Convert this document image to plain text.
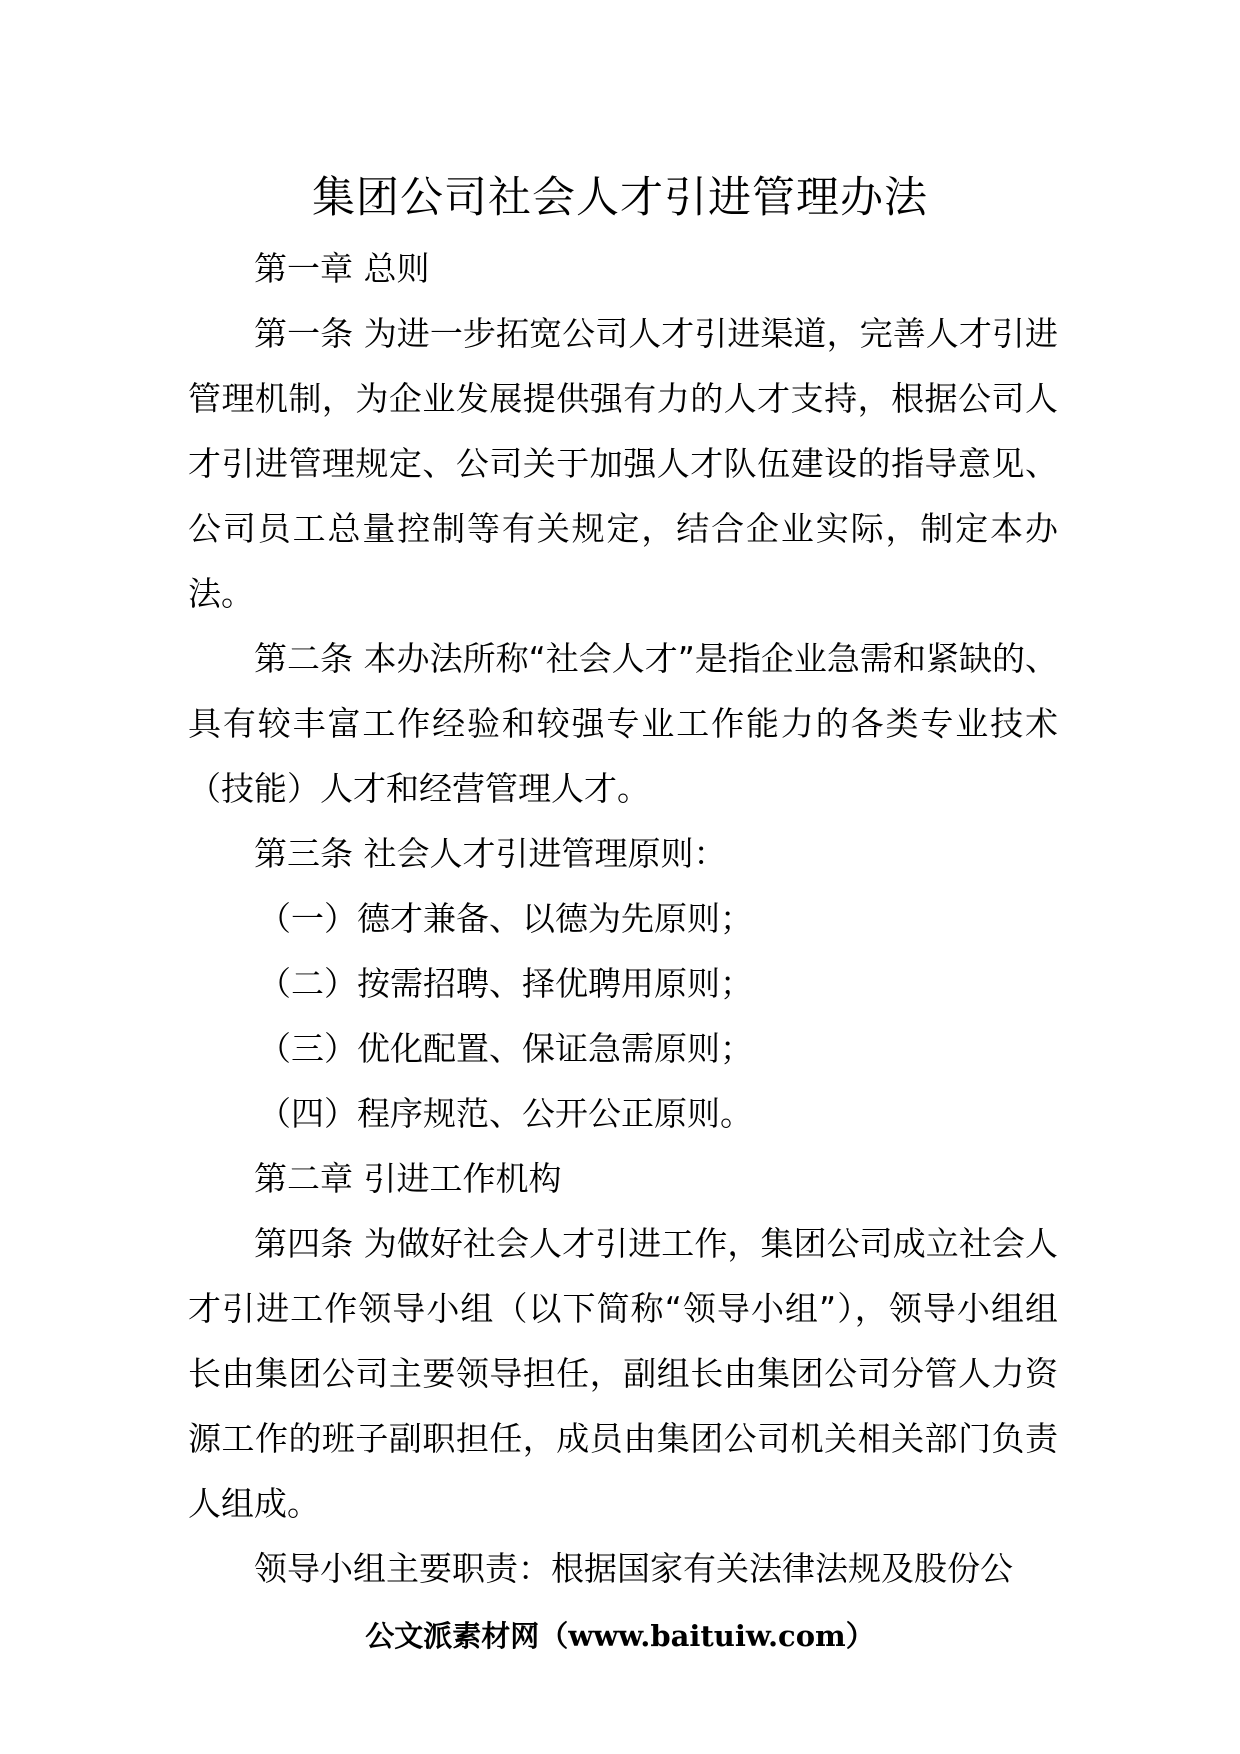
集团公司社会人才引进管理办法

第一章 总则

第一条 为进一步拓宽公司人才引进渠道，完善人才引进管理机制，为企业发展提供强有力的人才支持，根据公司人才引进管理规定、公司关于加强人才队伍建设的指导意见、公司员工总量控制等有关规定，结合企业实际，制定本办法。

第二条 本办法所称“社会人才”是指企业急需和紧缺的、具有较丰富工作经验和较强专业工作能力的各类专业技术（技能）人才和经营管理人才。

第三条 社会人才引进管理原则：

（一）德才兼备、以德为先原则；

（二）按需招聘、择优聘用原则；

（三）优化配置、保证急需原则；

（四）程序规范、公开公正原则。

第二章 引进工作机构

第四条 为做好社会人才引进工作，集团公司成立社会人才引进工作领导小组（以下简称“领导小组”），领导小组组长由集团公司主要领导担任，副组长由集团公司分管人力资源工作的班子副职担任，成员由集团公司机关相关部门负责人组成。

领导小组主要职责：根据国家有关法律法规及股份公

公文派素材网（www.baituiw.com）
